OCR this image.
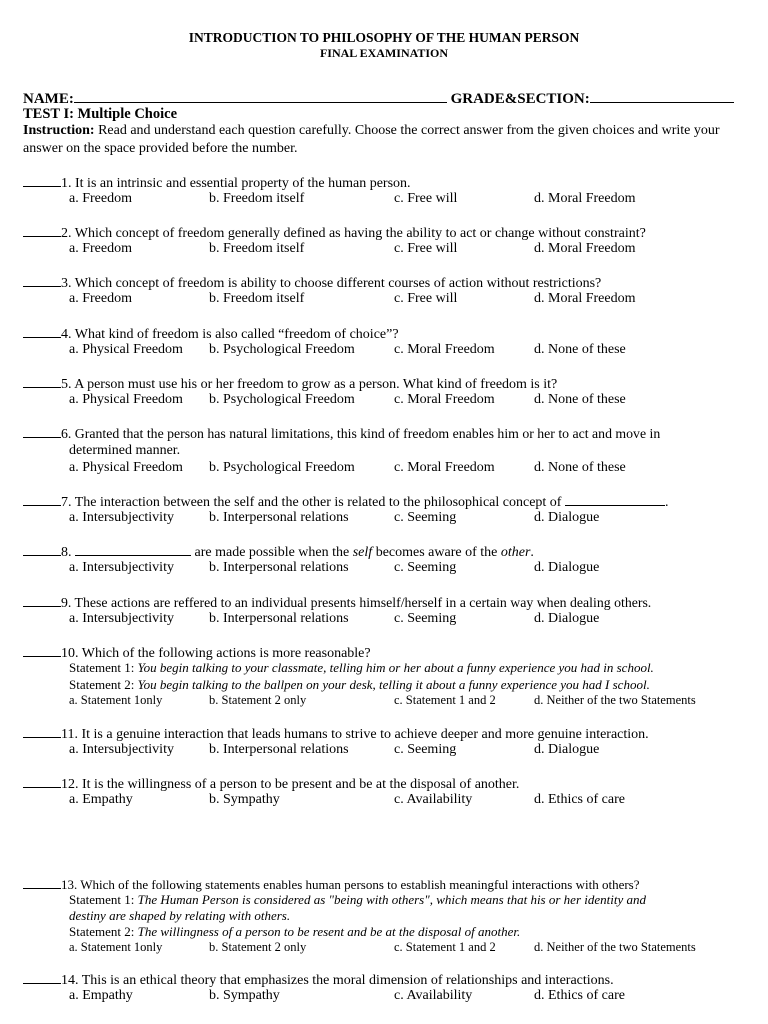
INTRODUCTION TO PHILOSOPHY OF THE HUMAN PERSON
FINAL EXAMINATION
NAME:	GRADE&SECTION:
TEST I: Multiple Choice
Instruction: Read and understand each question carefully. Choose the correct answer from the given choices and write your answer on the space provided before the number.
1. It is an intrinsic and essential property of the human person.
a. Freedom	b. Freedom itself	c. Free will	d. Moral Freedom
2. Which concept of freedom generally defined as having the ability to act or change without constraint?
a. Freedom	b. Freedom itself	c. Free will	d. Moral Freedom
3. Which concept of freedom is ability to choose different courses of action without restrictions?
a. Freedom	b. Freedom itself	c. Free will	d. Moral Freedom
4. What kind of freedom is also called “freedom of choice”?
a. Physical Freedom b. Psychological Freedom	c. Moral Freedom	d. None of these
5. A person must use his or her freedom to grow as a person. What kind of freedom is it?
a. Physical Freedom b. Psychological Freedom	c. Moral Freedom	d. None of these
6. Granted that the person has natural limitations, this kind of freedom enables him or her to act and move in
determined manner.
a. Physical Freedom b. Psychological Freedom	c. Moral Freedom	d. None of these
7. The interaction between the self and the other is related to the philosophical concept of	.
a. Intersubjectivity	b. Interpersonal relations	c. Seeming	d. Dialogue
8.	are made possible when the self becomes aware of the other.
a. Intersubjectivity	b. Interpersonal relations	c. Seeming	d. Dialogue
9. These actions are reffered to an individual presents himself/herself in a certain way when dealing others.
a. Intersubjectivity	b. Interpersonal relations	c. Seeming	d. Dialogue
10. Which of the following actions is more reasonable?
Statement 1: You begin talking to your classmate, telling him or her about a funny experience you had in school.
Statement 2: You begin talking to the ballpen on your desk, telling it about a funny experience you had I school.
a. Statement 1only	b. Statement 2 only	c. Statement 1 and 2	d. Neither of the two Statements
11. It is a genuine interaction that leads humans to strive to achieve deeper and more genuine interaction.
a. Intersubjectivity	b. Interpersonal relations	c. Seeming	d. Dialogue
12. It is the willingness of a person to be present and be at the disposal of another.
a. Empathy	b. Sympathy	c. Availability	d. Ethics of care
13. Which of the following statements enables human persons to establish meaningful interactions with others?
Statement 1: The Human Person is considered as "being with others", which means that his or her identity and
destiny are shaped by relating with others.
Statement 2: The willingness of a person to be resent and be at the disposal of another.
a. Statement 1only	b. Statement 2 only	c. Statement 1 and 2	d. Neither of the two Statements
14. This is an ethical theory that emphasizes the moral dimension of relationships and interactions.
a. Empathy	b. Sympathy	c. Availability	d. Ethics of care
